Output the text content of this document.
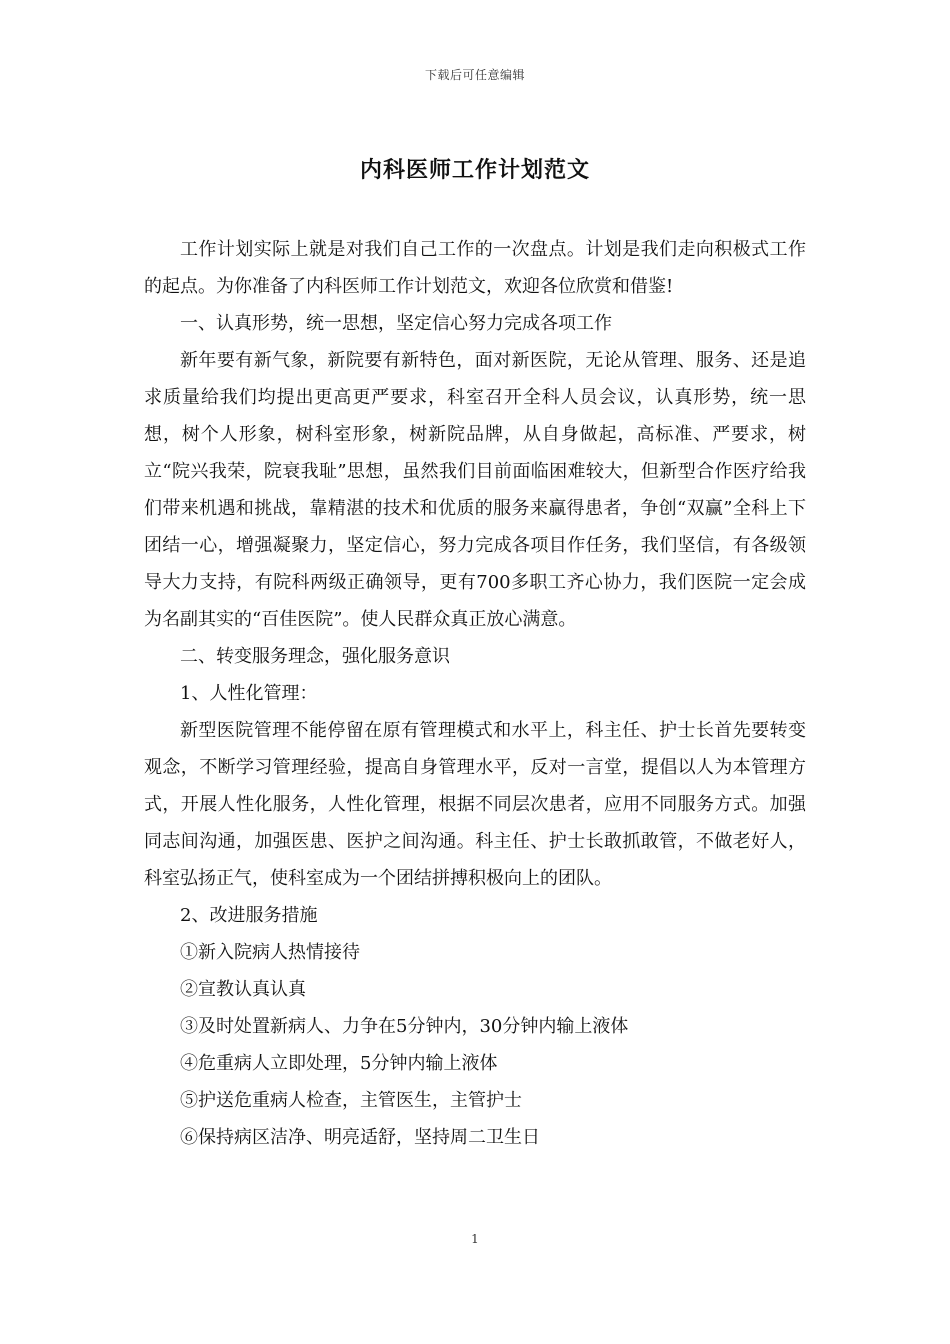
下载后可任意编辑
内科医师工作计划范文

工作计划实际上就是对我们自己工作的一次盘点。计划是我们走向积极式工作的起点。为你准备了内科医师工作计划范文，欢迎各位欣赏和借鉴!

一、认真形势，统一思想，坚定信心努力完成各项工作

新年要有新气象，新院要有新特色，面对新医院，无论从管理、服务、还是追求质量给我们均提出更高更严要求，科室召开全科人员会议，认真形势，统一思想，树个人形象，树科室形象，树新院品牌，从自身做起，高标准、严要求，树立“院兴我荣，院衰我耻”思想，虽然我们目前面临困难较大，但新型合作医疗给我们带来机遇和挑战，靠精湛的技术和优质的服务来赢得患者，争创“双赢”全科上下团结一心，增强凝聚力，坚定信心，努力完成各项目作任务，我们坚信，有各级领导大力支持，有院科两级正确领导，更有700多职工齐心协力，我们医院一定会成为名副其实的“百佳医院”。使人民群众真正放心满意。

二、转变服务理念，强化服务意识

1、人性化管理：

新型医院管理不能停留在原有管理模式和水平上，科主任、护士长首先要转变观念，不断学习管理经验，提高自身管理水平，反对一言堂，提倡以人为本管理方式，开展人性化服务，人性化管理，根据不同层次患者，应用不同服务方式。加强同志间沟通，加强医患、医护之间沟通。科主任、护士长敢抓敢管，不做老好人，科室弘扬正气，使科室成为一个团结拼搏积极向上的团队。

2、改进服务措施

①新入院病人热情接待

②宣教认真认真

③及时处置新病人、力争在5分钟内，30分钟内输上液体

④危重病人立即处理，5分钟内输上液体

⑤护送危重病人检查，主管医生，主管护士

⑥保持病区洁净、明亮适舒，坚持周二卫生日

1
